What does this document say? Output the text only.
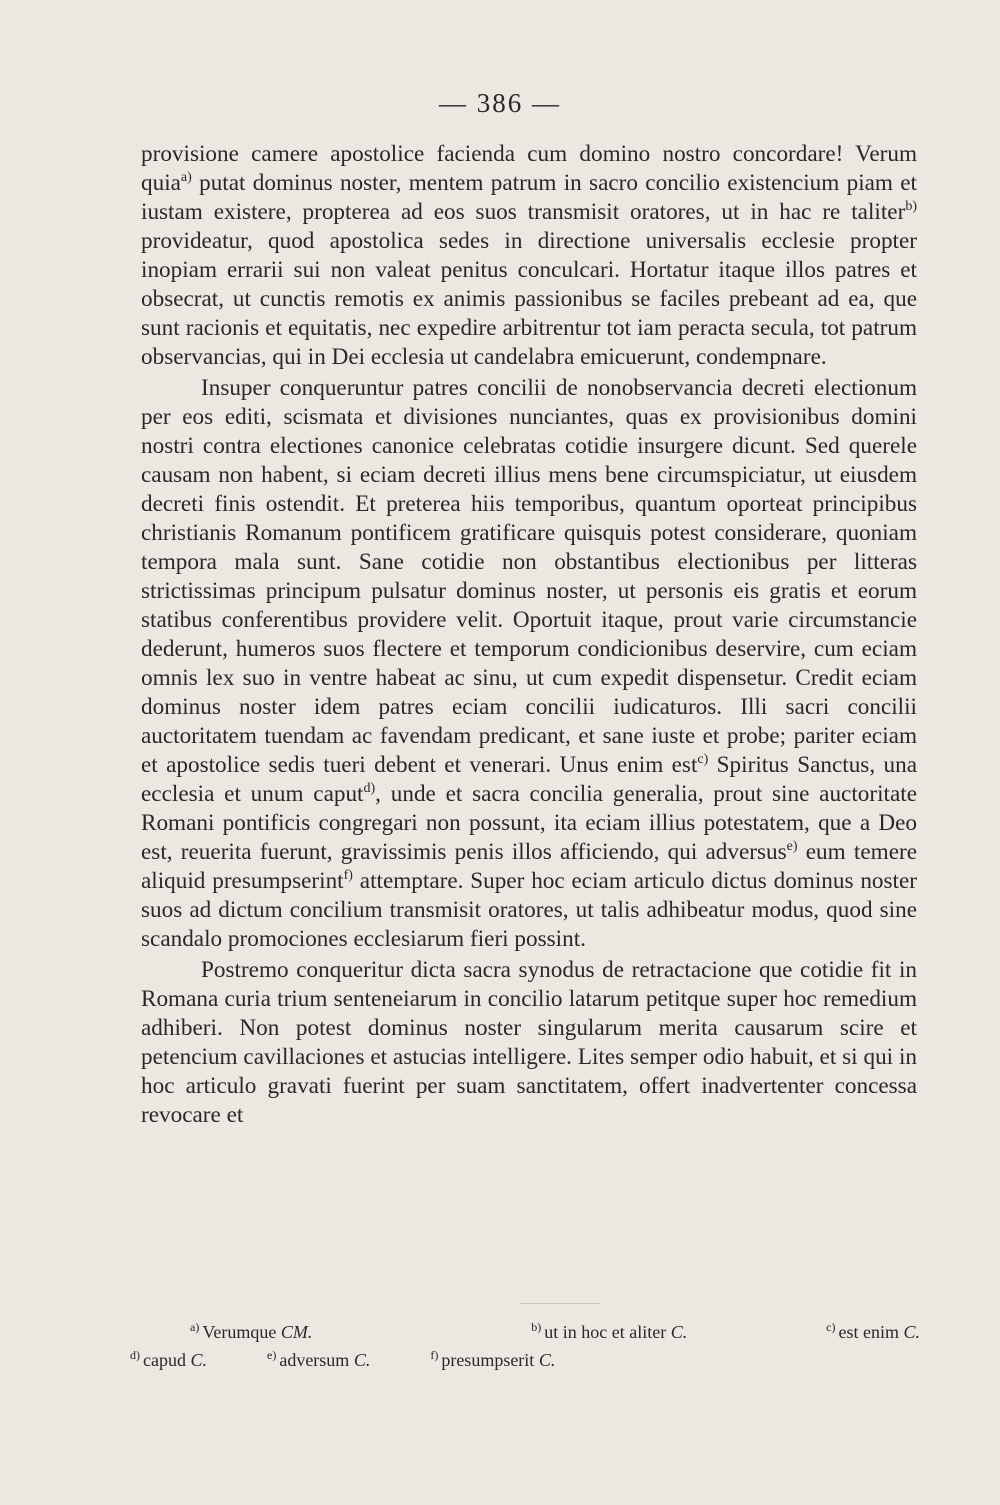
— 386 —

provisione camere apostolice facienda cum domino nostro concordare! Verum quia$^{a)}$ putat dominus noster, mentem patrum in sacro concilio existencium piam et iustam existere, propterea ad eos suos transmisit oratores, ut in hac re taliter$^{b)}$ provideatur, quod apostolica sedes in directione universalis ecclesie propter inopiam errarii sui non valeat penitus conculcari. Hortatur itaque illos patres et obsecrat, ut cunctis remotis ex animis passionibus se faciles prebeant ad ea, que sunt racionis et equitatis, nec expedire arbitrentur tot iam peracta secula, tot patrum observancias, qui in Dei ecclesia ut candelabra emicuerunt, condempnare.

Insuper conqueruntur patres concilii de nonobservancia decreti electionum per eos editi, scismata et divisiones nunciantes, quas ex provisionibus domini nostri contra electiones canonice celebratas cotidie insurgere dicunt. Sed querele causam non habent, si eciam decreti illius mens bene circumspiciatur, ut eiusdem decreti finis ostendit. Et preterea hiis temporibus, quantum oporteat principibus christianis Romanum pontificem gratificare quisquis potest considerare, quoniam tempora mala sunt. Sane cotidie non obstantibus electionibus per litteras strictissimas principum pulsatur dominus noster, ut personis eis gratis et eorum statibus conferentibus providere velit. Oportuit itaque, prout varie circumstancie dederunt, humeros suos flectere et temporum condicionibus deservire, cum eciam omnis lex suo in ventre habeat ac sinu, ut cum expedit dispensetur. Credit eciam dominus noster idem patres eciam concilii iudicaturos. Illi sacri concilii auctoritatem tuendam ac favendam predicant, et sane iuste et probe; pariter eciam et apostolice sedis tueri debent et venerari. Unus enim est$^{c)}$ Spiritus Sanctus, una ecclesia et unum caput$^{d)}$, unde et sacra concilia generalia, prout sine auctoritate Romani pontificis congregari non possunt, ita eciam illius potestatem, que a Deo est, reuerita fuerunt, gravissimis penis illos afficiendo, qui adversus$^{e)}$ eum temere aliquid presumpserint$^{f)}$ attemptare. Super hoc eciam articulo dictus dominus noster suos ad dictum concilium transmisit oratores, ut talis adhibeatur modus, quod sine scandalo promociones ecclesiarum fieri possint.

Postremo conqueritur dicta sacra synodus de retractacione que cotidie fit in Romana curia trium senteneiarum in concilio latarum petitque super hoc remedium adhiberi. Non potest dominus noster singularum merita causarum scire et petencium cavillaciones et astucias intelligere. Lites semper odio habuit, et si qui in hoc articulo gravati fuerint per suam sanctitatem, offert inadvertenter concessa revocare et

$^{a)}$ Verumque CM.	$^{b)}$ ut in hoc et aliter C.	$^{c)}$ est enim C.
$^{d)}$ capud C.	$^{e)}$ adversum C.	$^{f)}$ presumpserit C.
